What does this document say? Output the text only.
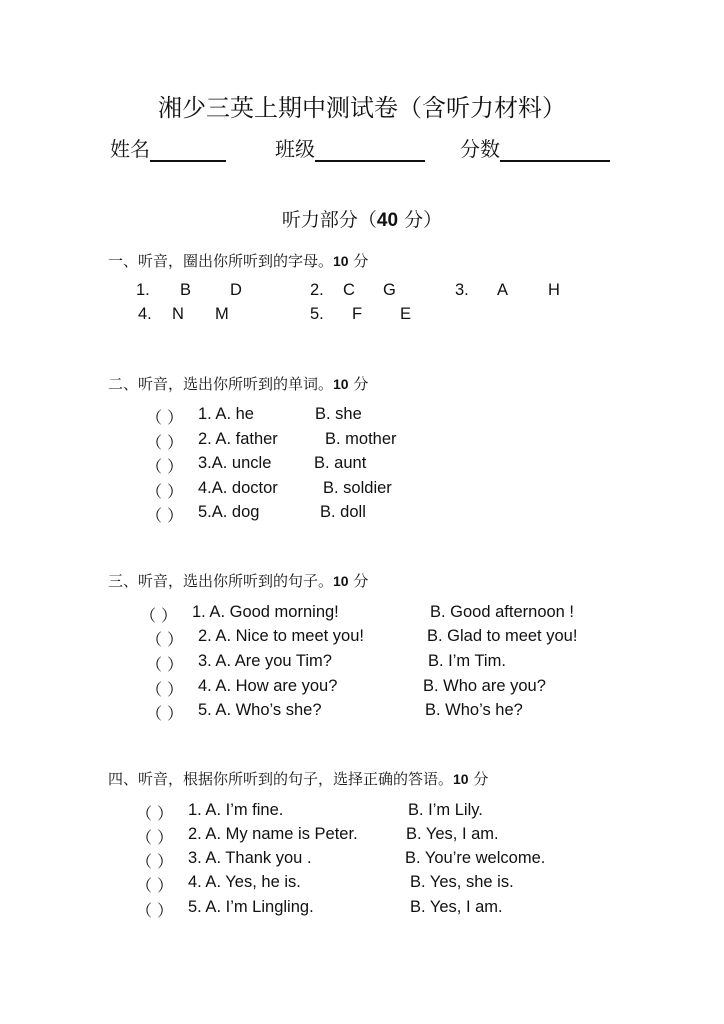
湘少三英上期中测试卷（含听力材料）
姓名	班级	分数
听力部分（40 分）
一、听音，圈出你所听到的字母。10 分
1. B D	2. C G	3. A H
4. N M	5. F E
二、听音，选出你所听到的单词。10 分
（ ） 1. A. he	B. she
（ ） 2. A. father	B. mother
（ ） 3.A. uncle	B. aunt
（ ） 4.A. doctor	B. soldier
（ ） 5.A. dog	B. doll
三、听音，选出你所听到的句子。10 分
（ ） 1. A. Good morning!	B. Good afternoon !
（ ） 2. A. Nice to meet you!	B. Glad to meet you!
（ ） 3. A. Are you Tim?	B. I’m Tim.
（ ） 4. A. How are you?	B. Who are you?
（ ） 5. A. Who’s she?	B. Who’s he?
四、听音，根据你所听到的句子，选择正确的答语。10 分
（ ） 1. A. I’m fine.	B. I’m Lily.
（ ） 2. A. My name is Peter.	B. Yes, I am.
（ ） 3. A. Thank you .	B. You’re welcome.
（ ） 4. A. Yes, he is.	B. Yes, she is.
（ ） 5. A. I’m Lingling.	B. Yes, I am.
